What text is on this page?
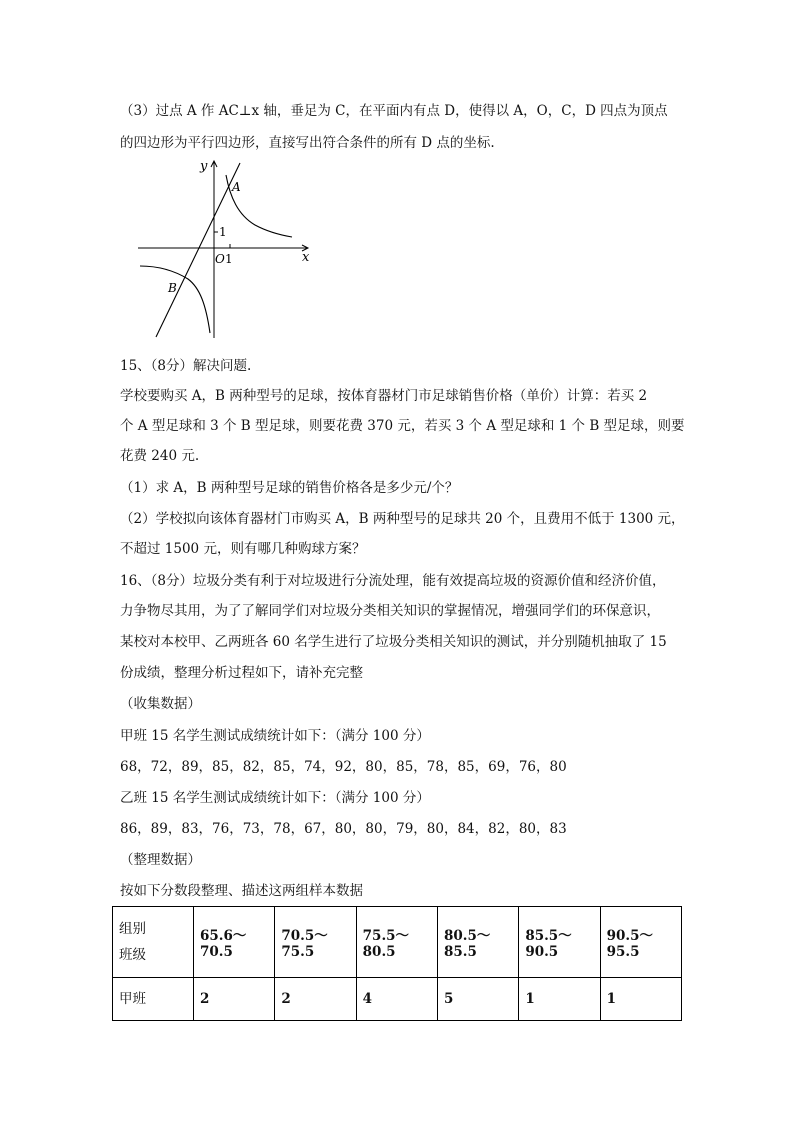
（3）过点 A 作 AC⊥x 轴，垂足为 C，在平面内有点 D，使得以 A，O，C，D 四点为顶点
的四边形为平行四边形，直接写出符合条件的所有 D 点的坐标.
y
x
A
B
O 1
1
15、（8分）解决问题.
学校要购买 A，B 两种型号的足球，按体育器材门市足球销售价格（单价）计算：若买 2
个 A 型足球和 3 个 B 型足球，则要花费 370 元，若买 3 个 A 型足球和 1 个 B 型足球，则要
花费 240 元.
（1）求 A，B 两种型号足球的销售价格各是多少元/个？
（2）学校拟向该体育器材门市购买 A，B 两种型号的足球共 20 个，且费用不低于 1300 元，
不超过 1500 元，则有哪几种购球方案？
16、（8分）垃圾分类有利于对垃圾进行分流处理，能有效提高垃圾的资源价值和经济价值，
力争物尽其用，为了了解同学们对垃圾分类相关知识的掌握情况，增强同学们的环保意识，
某校对本校甲、乙两班各 60 名学生进行了垃圾分类相关知识的测试，并分别随机抽取了 15
份成绩，整理分析过程如下，请补充完整
（收集数据）
甲班 15 名学生测试成绩统计如下：（满分 100 分）
68，72，89，85，82，85，74，92，80，85，78，85，69，76，80
乙班 15 名学生测试成绩统计如下：（满分 100 分）
86，89，83，76，73，78，67，80，80，79，80，84，82，80，83
（整理数据）
按如下分数段整理、描述这两组样本数据
组别
班级	65.6～70.5	70.5～75.5	75.5～80.5	80.5～85.5	85.5～90.5	90.5～95.5
甲班	2	2	4	5	1	1
